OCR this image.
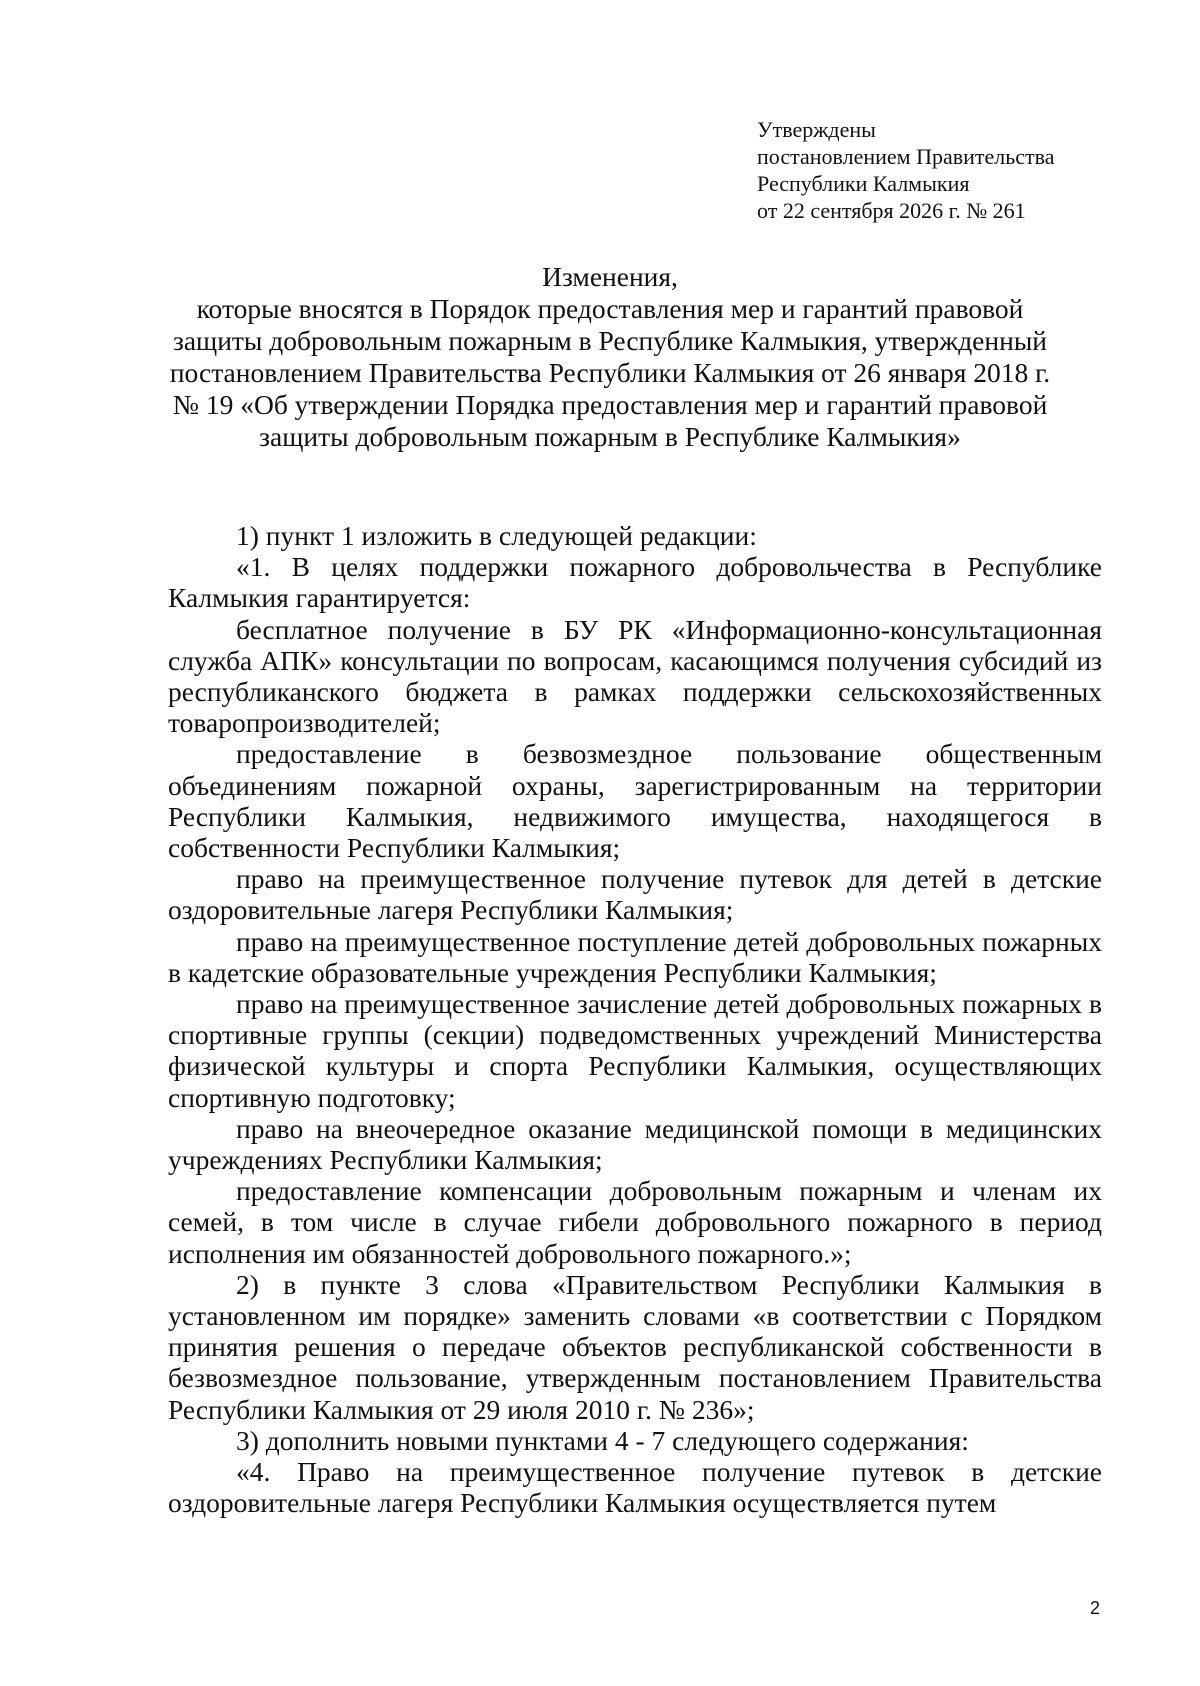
Утверждены
постановлением Правительства
Республики Калмыкия
от 22 сентября 2026 г. № 261
Изменения,
которые вносятся в Порядок предоставления мер и гарантий правовой
защиты добровольным пожарным в Республике Калмыкия, утвержденный
постановлением Правительства Республики Калмыкия от 26 января 2018 г.
№ 19 «Об утверждении Порядка предоставления мер и гарантий правовой
защиты добровольным пожарным в Республике Калмыкия»

1) пункт 1 изложить в следующей редакции:

«1. В целях поддержки пожарного добровольчества в Республике Калмыкия гарантируется:

бесплатное получение в БУ РК «Информационно-консультационная служба АПК» консультации по вопросам, касающимся получения субсидий из республиканского бюджета в рамках поддержки сельскохозяйственных товаропроизводителей;

предоставление в безвозмездное пользование общественным объединениям пожарной охраны, зарегистрированным на территории Республики Калмыкия, недвижимого имущества, находящегося в собственности Республики Калмыкия;

право на преимущественное получение путевок для детей в детские оздоровительные лагеря Республики Калмыкия;

право на преимущественное поступление детей добровольных пожарных в кадетские образовательные учреждения Республики Калмыкия;

право на преимущественное зачисление детей добровольных пожарных в спортивные группы (секции) подведомственных учреждений Министерства физической культуры и спорта Республики Калмыкия, осуществляющих спортивную подготовку;

право на внеочередное оказание медицинской помощи в медицинских учреждениях Республики Калмыкия;

предоставление компенсации добровольным пожарным и членам их семей, в том числе в случае гибели добровольного пожарного в период исполнения им обязанностей добровольного пожарного.»;

2) в пункте 3 слова «Правительством Республики Калмыкия в установленном им порядке» заменить словами «в соответствии с Порядком принятия решения о передаче объектов республиканской собственности в безвозмездное пользование, утвержденным постановлением Правительства Республики Калмыкия от 29 июля 2010 г. № 236»;

3) дополнить новыми пунктами 4 - 7 следующего содержания:

«4. Право на преимущественное получение путевок в детские оздоровительные лагеря Республики Калмыкия осуществляется путем

2
